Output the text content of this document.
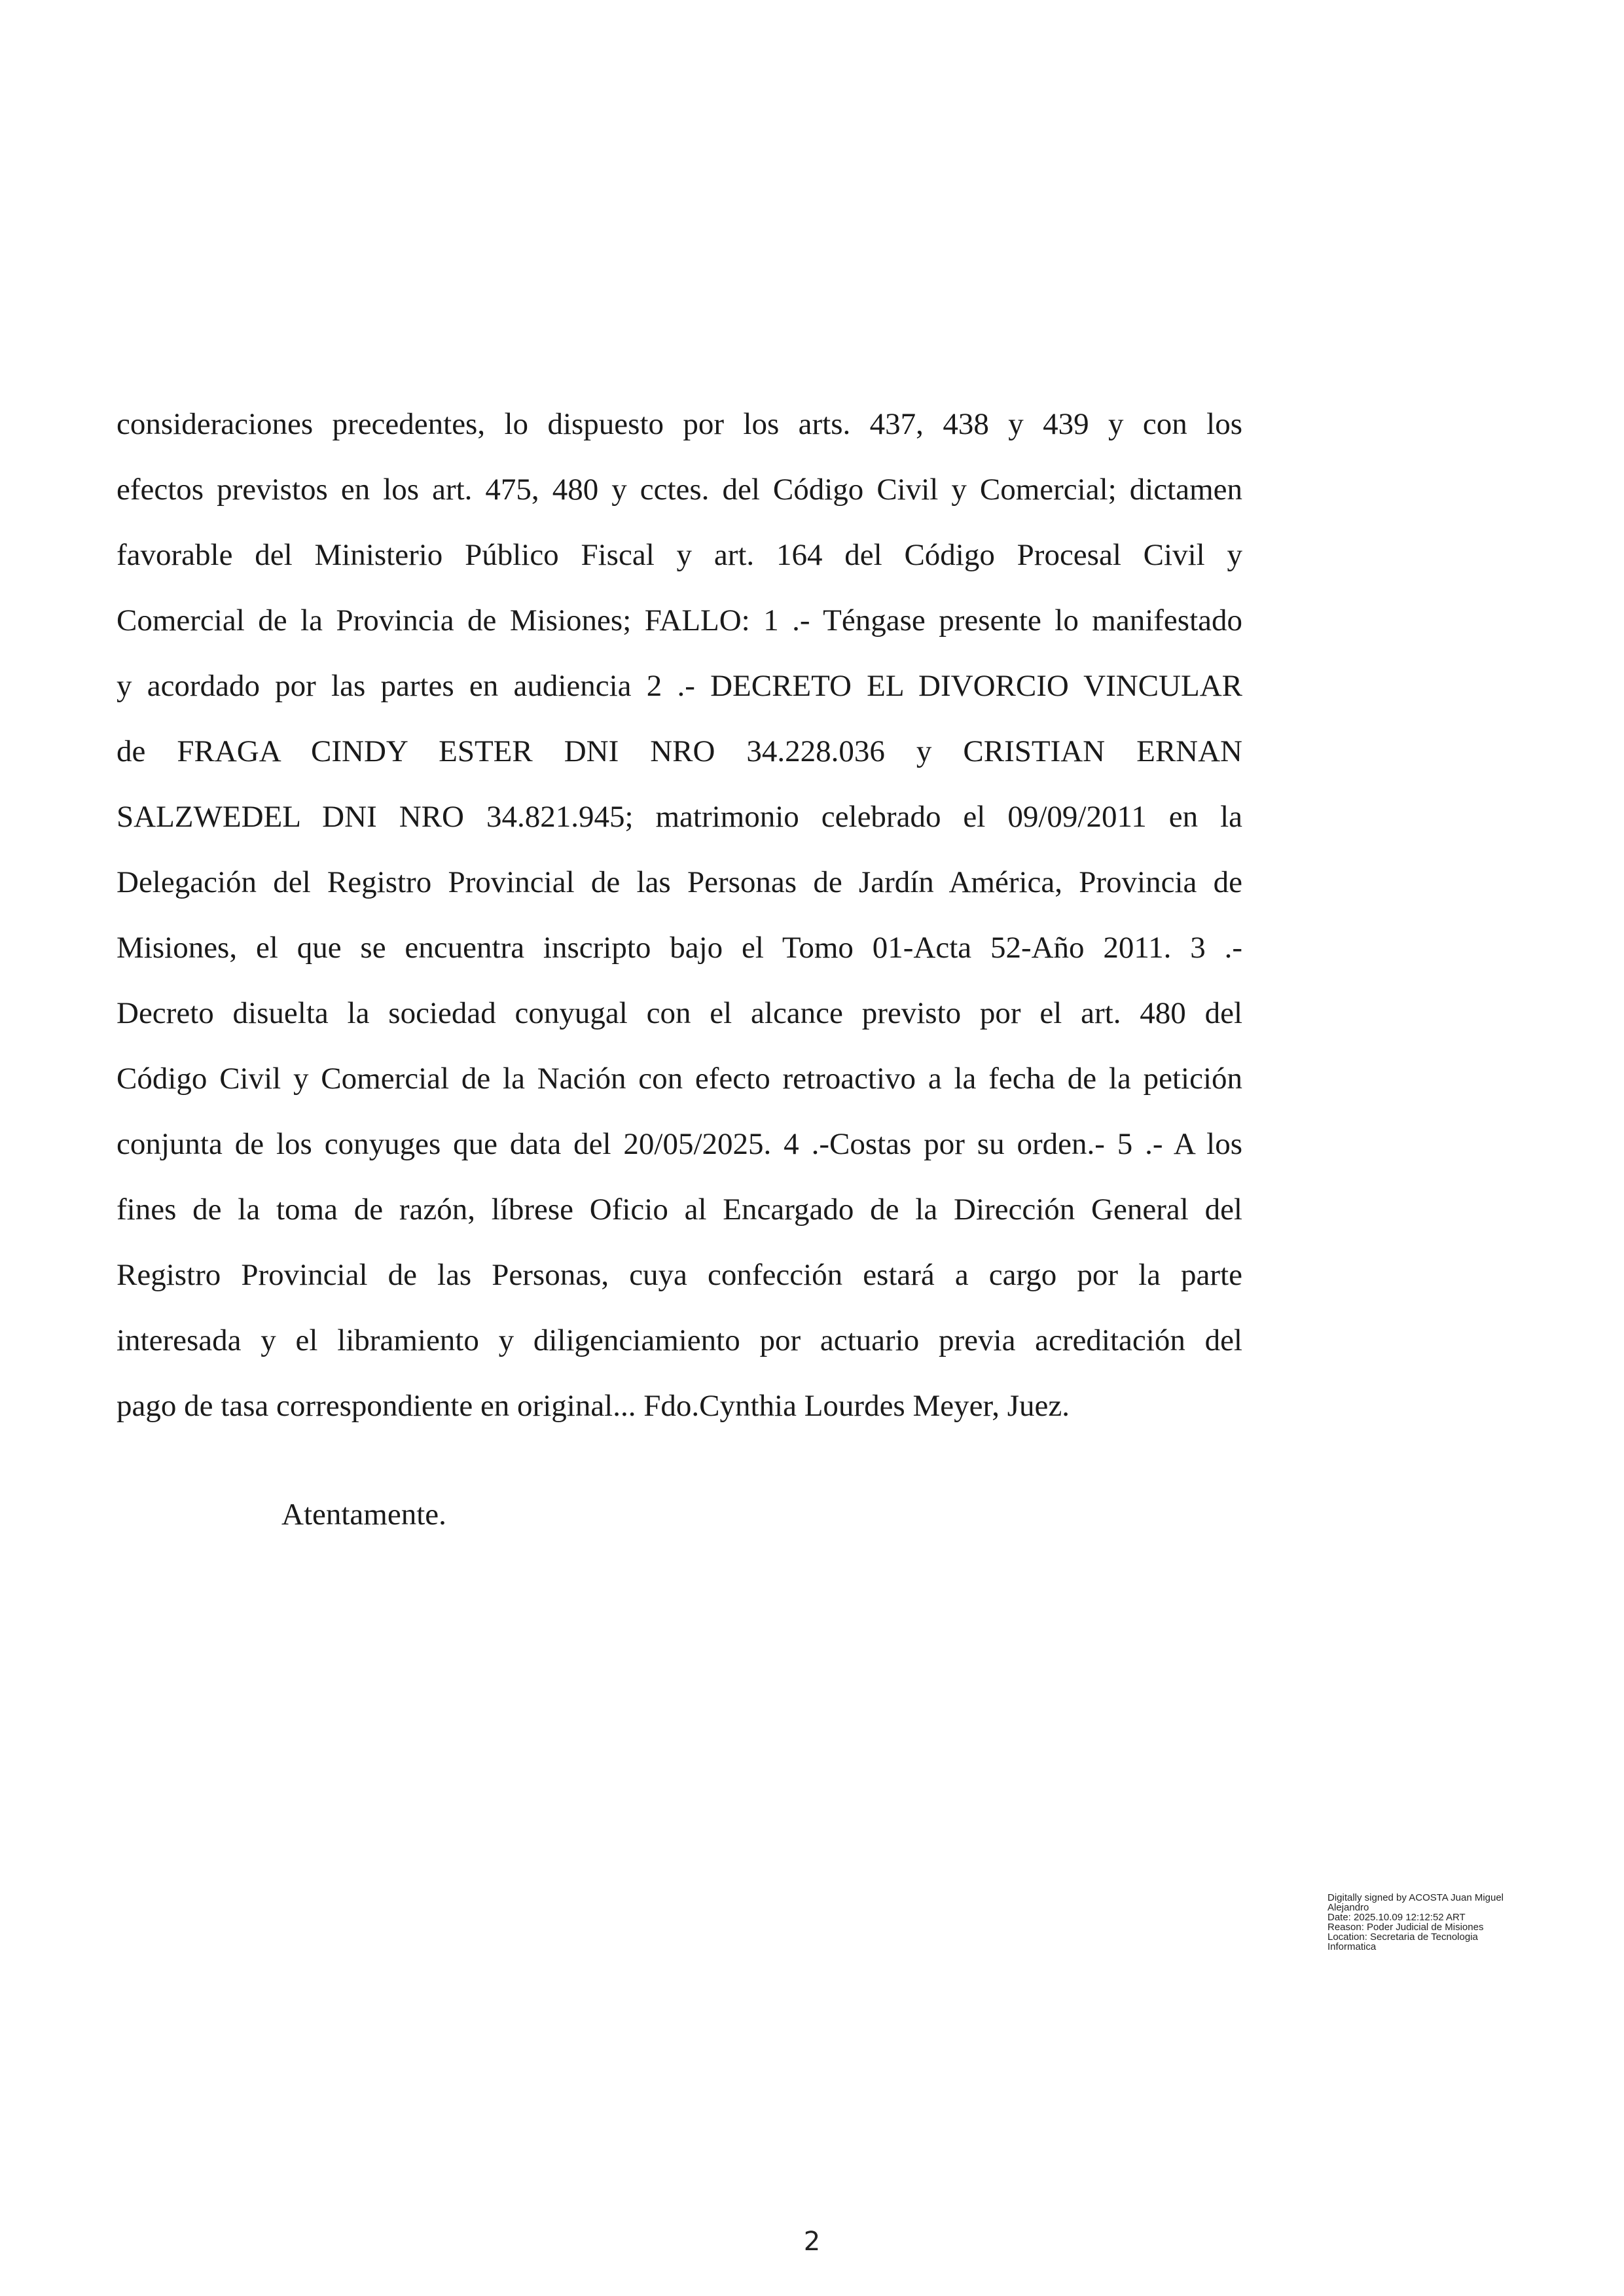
consideraciones precedentes, lo dispuesto por los arts. 437, 438 y 439 y con los
efectos previstos en los art. 475, 480 y cctes. del Código Civil y Comercial; dictamen
favorable del Ministerio Público Fiscal y art. 164 del Código Procesal Civil y
Comercial de la Provincia de Misiones; FALLO: 1 .- Téngase presente lo manifestado
y acordado por las partes en audiencia 2 .- DECRETO EL DIVORCIO VINCULAR
de FRAGA CINDY ESTER DNI NRO 34.228.036 y CRISTIAN ERNAN
SALZWEDEL DNI NRO 34.821.945; matrimonio celebrado el 09/09/2011 en la
Delegación del Registro Provincial de las Personas de Jardín América, Provincia de
Misiones, el que se encuentra inscripto bajo el Tomo 01-Acta 52-Año 2011. 3 .-
Decreto disuelta la sociedad conyugal con el alcance previsto por el art. 480 del
Código Civil y Comercial de la Nación con efecto retroactivo a la fecha de la petición
conjunta de los conyuges que data del 20/05/2025. 4 .-Costas por su orden.- 5 .- A los
fines de la toma de razón, líbrese Oficio al Encargado de la Dirección General del
Registro Provincial de las Personas, cuya confección estará a cargo por la parte
interesada y el libramiento y diligenciamiento por actuario previa acreditación del
pago de tasa correspondiente en original... Fdo.Cynthia Lourdes Meyer, Juez.

Atentamente.

Digitally signed by ACOSTA Juan Miguel
Alejandro
Date: 2025.10.09 12:12:52 ART
Reason: Poder Judicial de Misiones
Location: Secretaria de Tecnologia
Informatica
2
